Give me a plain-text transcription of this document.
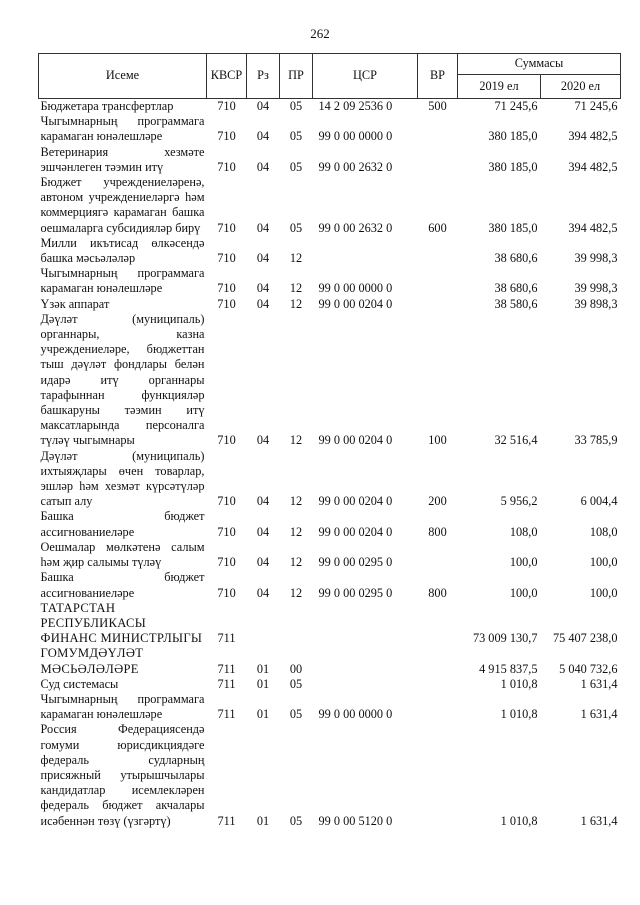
262
Исеме	КВСР	Рз	ПР	ЦСР	ВР	Суммасы	
						2019 ел	2020 ел
Бюджетара трансфертлар	710	04	05	14 2 09 2536 0	500	71 245,6	71 245,6
Чыгымнарның программага карамаган юнәлешләре	710	04	05	99 0 00 0000 0		380 185,0	394 482,5
Ветеринария хезмәте эшчәнлеген тәэмин итү	710	04	05	99 0 00 2632 0		380 185,0	394 482,5
Бюджет учреждениеләренә, автоном учреждениеләргә һәм коммерциягә карамаган башка оешмаларга субсидияләр бирү	710	04	05	99 0 00 2632 0	600	380 185,0	394 482,5
Милли икътисад өлкәсендә башка мәсьәләләр	710	04	12			38 680,6	39 998,3
Чыгымнарның программага карамаган юнәлешләре	710	04	12	99 0 00 0000 0		38 680,6	39 998,3
Үзәк аппарат	710	04	12	99 0 00 0204 0		38 580,6	39 898,3
Дәүләт (муниципаль) органнары, казна учреждениеләре, бюджеттан тыш дәүләт фондлары белән идарә итү органнары тарафыннан функцияләр башкаруны тәэмин итү максатларында персоналга түләү чыгымнары	710	04	12	99 0 00 0204 0	100	32 516,4	33 785,9
Дәүләт (муниципаль) ихтыяҗлары өчен товарлар, эшләр һәм хезмәт күрсәтүләр сатып алу	710	04	12	99 0 00 0204 0	200	5 956,2	6 004,4
Башка бюджет ассигнованиеләре	710	04	12	99 0 00 0204 0	800	108,0	108,0
Оешмалар мөлкәтенә салым һәм җир салымы түләү	710	04	12	99 0 00 0295 0		100,0	100,0
Башка бюджет ассигнованиеләре	710	04	12	99 0 00 0295 0	800	100,0	100,0
ТАТАРСТАН РЕСПУБЛИКАСЫ ФИНАНС МИНИСТРЛЫГЫ	711					73 009 130,7	75 407 238,0
ГОМУМДӘҮЛӘТ МӘСЬӘЛӘЛӘРЕ	711	01	00			4 915 837,5	5 040 732,6
Суд системасы	711	01	05			1 010,8	1 631,4
Чыгымнарның программага карамаган юнәлешләре	711	01	05	99 0 00 0000 0		1 010,8	1 631,4
Россия Федерациясендә гомуми юрисдикциядәге федераль судларның присяжный утырышчылары кандидатлар исемлекләрен федераль бюджет акчалары исәбеннән төзү (үзгәртү)	711	01	05	99 0 00 5120 0		1 010,8	1 631,4
